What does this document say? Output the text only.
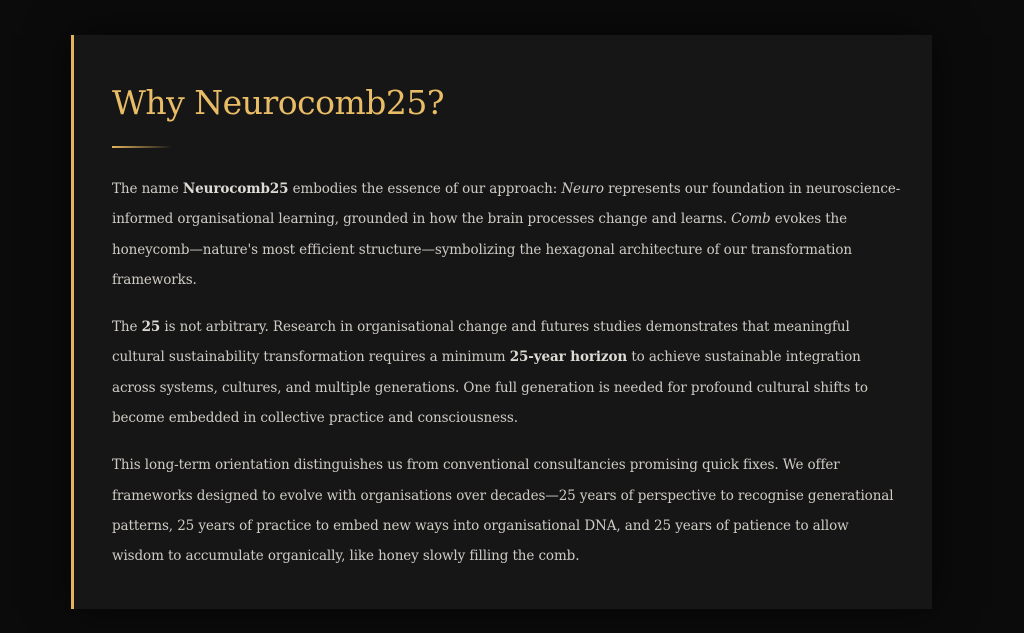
Why Neurocomb25?

The name Neurocomb25 embodies the essence of our approach: Neuro represents our foundation in neuroscience-informed organisational learning, grounded in how the brain processes change and learns. Comb evokes the honeycomb—nature's most efficient structure—symbolizing the hexagonal architecture of our transformation frameworks.

The 25 is not arbitrary. Research in organisational change and futures studies demonstrates that meaningful cultural sustainability transformation requires a minimum 25-year horizon to achieve sustainable integration across systems, cultures, and multiple generations. One full generation is needed for profound cultural shifts to become embedded in collective practice and consciousness.

This long-term orientation distinguishes us from conventional consultancies promising quick fixes. We offer frameworks designed to evolve with organisations over decades—25 years of perspective to recognise generational patterns, 25 years of practice to embed new ways into organisational DNA, and 25 years of patience to allow wisdom to accumulate organically, like honey slowly filling the comb.
